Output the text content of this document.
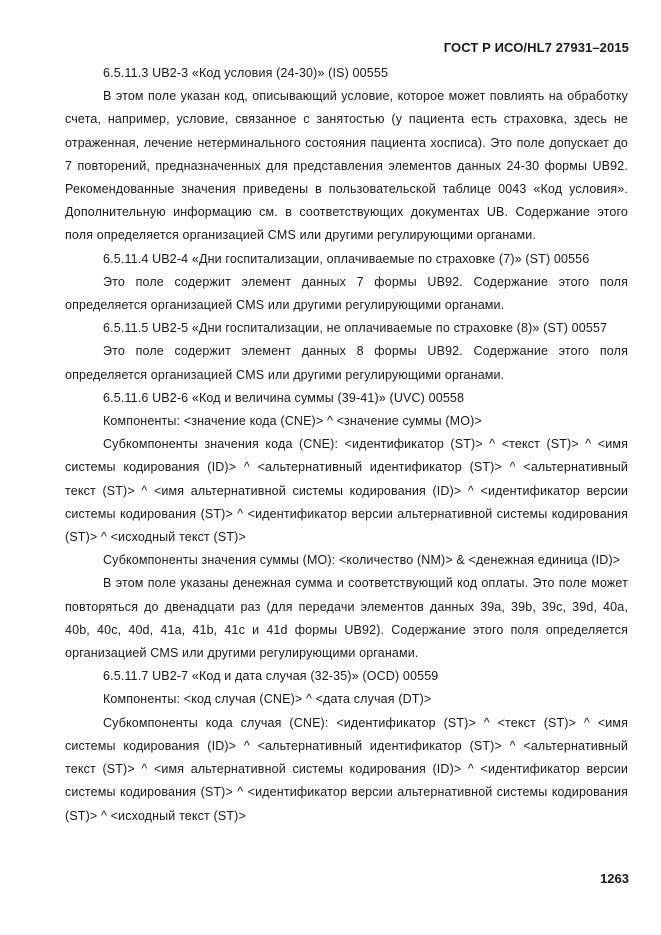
ГОСТ Р ИСО/HL7 27931–2015

6.5.11.3 UB2-3 «Код условия (24-30)» (IS) 00555

В этом поле указан код, описывающий условие, которое может повлиять на обработку счета, например, условие, связанное с занятостью (у пациента есть страховка, здесь не отраженная, лечение нетерминального состояния пациента хосписа). Это поле допускает до 7 повторений, предназначенных для представления элементов данных 24-30 формы UB92. Рекомендованные значения приведены в пользовательской таблице 0043 «Код условия». Дополнительную информацию см. в соответствующих документах UB. Содержание этого поля определяется организацией CMS или другими регулирующими органами.

6.5.11.4 UB2-4 «Дни госпитализации, оплачиваемые по страховке (7)» (ST) 00556

Это поле содержит элемент данных 7 формы UB92. Содержание этого поля определяется организацией CMS или другими регулирующими органами.

6.5.11.5 UB2-5 «Дни госпитализации, не оплачиваемые по страховке (8)» (ST) 00557

Это поле содержит элемент данных 8 формы UB92. Содержание этого поля определяется организацией CMS или другими регулирующими органами.

6.5.11.6 UB2-6 «Код и величина суммы (39-41)» (UVC) 00558

Компоненты: <значение кода (CNE)> ^ <значение суммы (MO)>

Субкомпоненты значения кода (CNE): <идентификатор (ST)> ^ <текст (ST)> ^ <имя системы кодирования (ID)> ^ <альтернативный идентификатор (ST)> ^ <альтернативный текст (ST)> ^ <имя альтернативной системы кодирования (ID)> ^ <идентификатор версии системы кодирования (ST)> ^ <идентификатор версии альтернативной системы кодирования (ST)> ^ <исходный текст (ST)>

Субкомпоненты значения суммы (MO): <количество (NM)> & <денежная единица (ID)>

В этом поле указаны денежная сумма и соответствующий код оплаты. Это поле может повторяться до двенадцати раз (для передачи элементов данных 39a, 39b, 39c, 39d, 40a, 40b, 40c, 40d, 41a, 41b, 41c и 41d формы UB92). Содержание этого поля определяется организацией CMS или другими регулирующими органами.

6.5.11.7 UB2-7 «Код и дата случая (32-35)» (OCD) 00559

Компоненты: <код случая (CNE)> ^ <дата случая (DT)>

Субкомпоненты кода случая (CNE): <идентификатор (ST)> ^ <текст (ST)> ^ <имя системы кодирования (ID)> ^ <альтернативный идентификатор (ST)> ^ <альтернативный текст (ST)> ^ <имя альтернативной системы кодирования (ID)> ^ <идентификатор версии системы кодирования (ST)> ^ <идентификатор версии альтернативной системы кодирования (ST)> ^ <исходный текст (ST)>

1263
